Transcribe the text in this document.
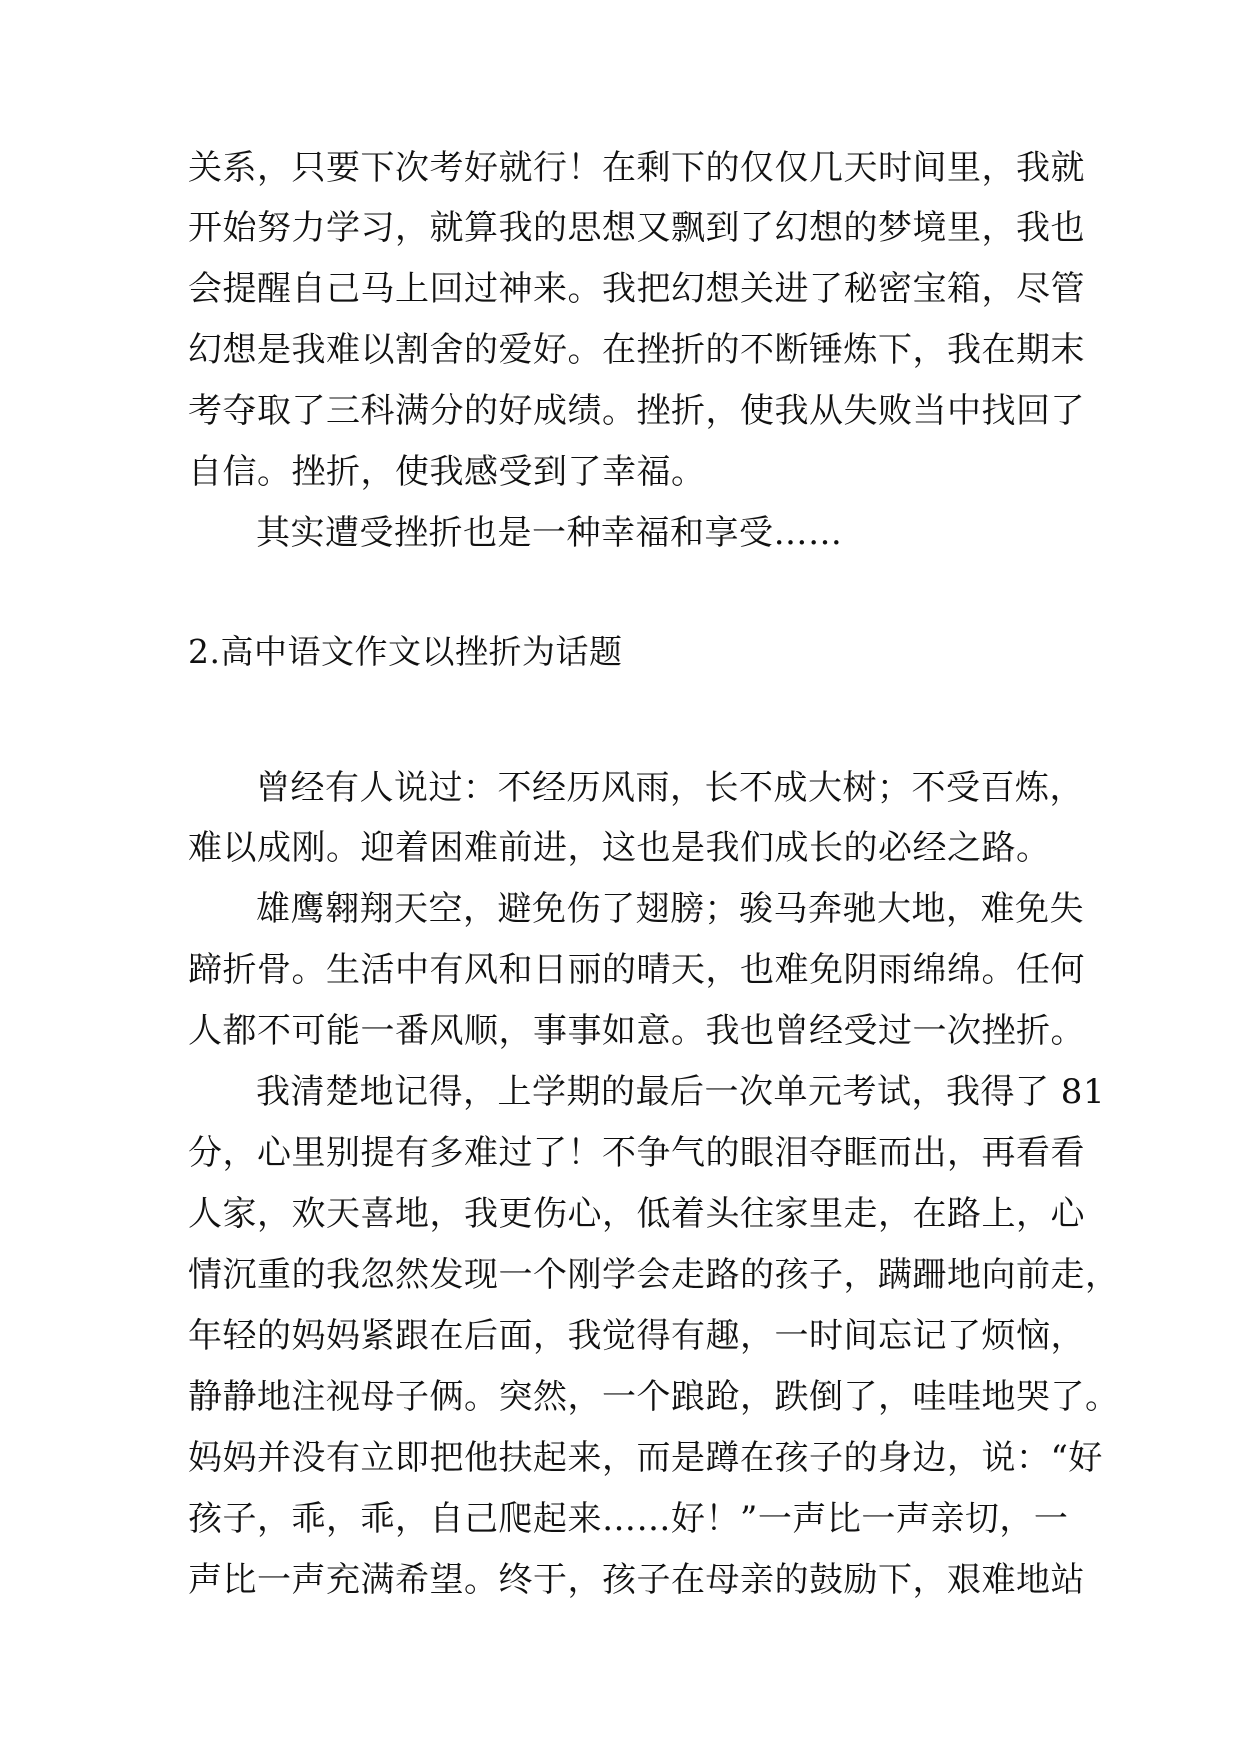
关系，只要下次考好就行！在剩下的仅仅几天时间里，我就
开始努力学习，就算我的思想又飘到了幻想的梦境里，我也
会提醒自己马上回过神来。我把幻想关进了秘密宝箱，尽管
幻想是我难以割舍的爱好。在挫折的不断锤炼下，我在期末
考夺取了三科满分的好成绩。挫折，使我从失败当中找回了
自信。挫折，使我感受到了幸福。
其实遭受挫折也是一种幸福和享受……
2.高中语文作文以挫折为话题
曾经有人说过：不经历风雨，长不成大树；不受百炼，
难以成刚。迎着困难前进，这也是我们成长的必经之路。
雄鹰翱翔天空，避免伤了翅膀；骏马奔驰大地，难免失
蹄折骨。生活中有风和日丽的晴天，也难免阴雨绵绵。任何
人都不可能一番风顺，事事如意。我也曾经受过一次挫折。
我清楚地记得，上学期的最后一次单元考试，我得了 81
分，心里别提有多难过了！不争气的眼泪夺眶而出，再看看
人家，欢天喜地，我更伤心，低着头往家里走，在路上，心
情沉重的我忽然发现一个刚学会走路的孩子，蹒跚地向前走，
年轻的妈妈紧跟在后面，我觉得有趣，一时间忘记了烦恼，
静静地注视母子俩。突然，一个踉跄，跌倒了，哇哇地哭了。
妈妈并没有立即把他扶起来，而是蹲在孩子的身边，说：“好
孩子，乖，乖，自己爬起来……好！”一声比一声亲切，一
声比一声充满希望。终于，孩子在母亲的鼓励下，艰难地站
